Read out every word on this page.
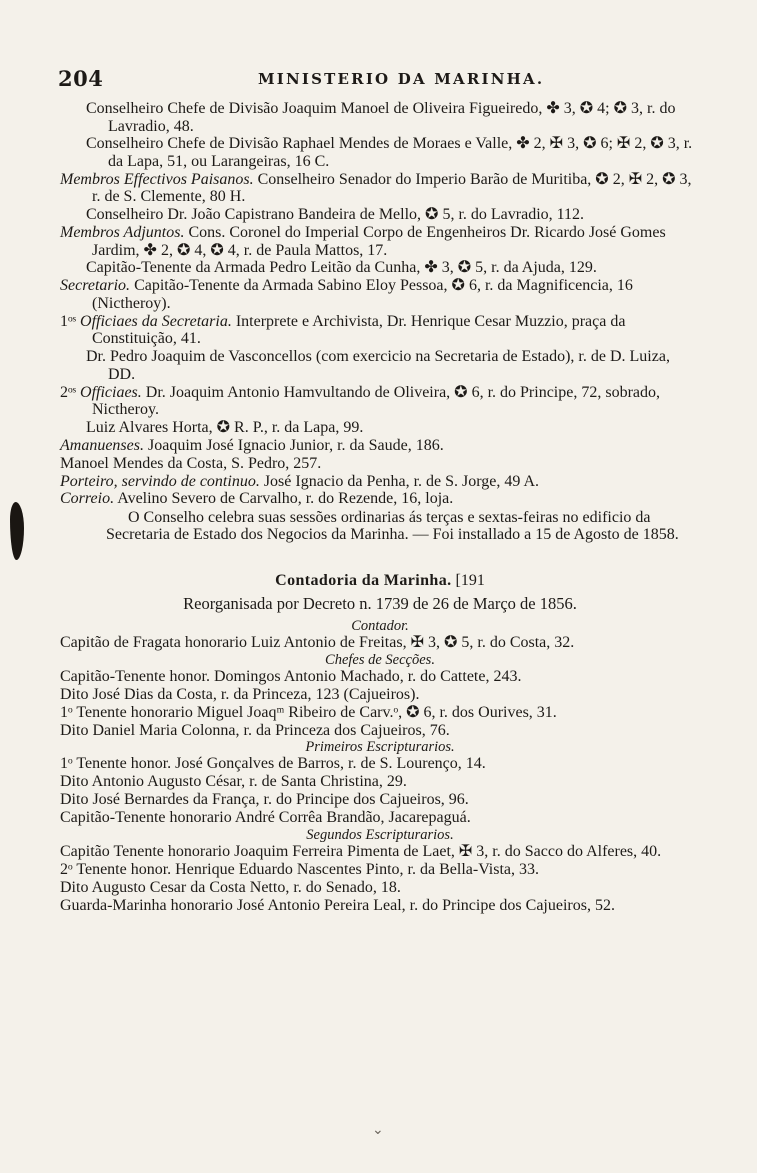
204	MINISTERIO DA MARINHA.
Conselheiro Chefe de Divisão Joaquim Manoel de Oliveira Figueiredo, ✤ 3, ✪ 4; ✪ 3, r. do Lavradio, 48.
Conselheiro Chefe de Divisão Raphael Mendes de Moraes e Valle, ✤ 2, ✠ 3, ✪ 6; ✠ 2, ✪ 3, r. da Lapa, 51, ou Larangeiras, 16 C.
Membros Effectivos Paisanos. Conselheiro Senador do Imperio Barão de Muritiba, ✪ 2, ✠ 2, ✪ 3, r. de S. Clemente, 80 H.
Conselheiro Dr. João Capistrano Bandeira de Mello, ✪ 5, r. do Lavradio, 112.
Membros Adjuntos. Cons. Coronel do Imperial Corpo de Engenheiros Dr. Ricardo José Gomes Jardim, ✤ 2, ✪ 4, ✪ 4, r. de Paula Mattos, 17.
Capitão-Tenente da Armada Pedro Leitão da Cunha, ✤ 3, ✪ 5, r. da Ajuda, 129.
Secretario. Capitão-Tenente da Armada Sabino Eloy Pessoa, ✪ 6, r. da Magnificencia, 16 (Nictheroy).
1ᵒˢ Officiaes da Secretaria. Interprete e Archivista, Dr. Henrique Cesar Muzzio, praça da Constituição, 41.
Dr. Pedro Joaquim de Vasconcellos (com exercicio na Secretaria de Estado), r. de D. Luiza, DD.
2ᵒˢ Officiaes. Dr. Joaquim Antonio Hamvultando de Oliveira, ✪ 6, r. do Principe, 72, sobrado, Nictheroy.
Luiz Alvares Horta, ✪ R. P., r. da Lapa, 99.
Amanuenses. Joaquim José Ignacio Junior, r. da Saude, 186.
Manoel Mendes da Costa, S. Pedro, 257.
Porteiro, servindo de continuo. José Ignacio da Penha, r. de S. Jorge, 49 A.
Correio. Avelino Severo de Carvalho, r. do Rezende, 16, loja.
O Conselho celebra suas sessões ordinarias ás terças e sextas-feiras no edificio da Secretaria de Estado dos Negocios da Marinha. — Foi installado a 15 de Agosto de 1858.
Contadoria da Marinha. [191
Reorganisada por Decreto n. 1739 de 26 de Março de 1856.
Contador.
Capitão de Fragata honorario Luiz Antonio de Freitas, ✠ 3, ✪ 5, r. do Costa, 32.
Chefes de Secções.
Capitão-Tenente honor. Domingos Antonio Machado, r. do Cattete, 243.
Dito José Dias da Costa, r. da Princeza, 123 (Cajueiros).
1ᵒ Tenente honorario Miguel Joaqᵐ Ribeiro de Carv.ᵒ, ✪ 6, r. dos Ourives, 31.
Dito Daniel Maria Colonna, r. da Princeza dos Cajueiros, 76.
Primeiros Escripturarios.
1ᵒ Tenente honor. José Gonçalves de Barros, r. de S. Lourenço, 14.
Dito Antonio Augusto César, r. de Santa Christina, 29.
Dito José Bernardes da França, r. do Principe dos Cajueiros, 96.
Capitão-Tenente honorario André Corrêa Brandão, Jacarepaguá.
Segundos Escripturarios.
Capitão Tenente honorario Joaquim Ferreira Pimenta de Laet, ✠ 3, r. do Sacco do Alferes, 40.
2ᵒ Tenente honor. Henrique Eduardo Nascentes Pinto, r. da Bella-Vista, 33.
Dito Augusto Cesar da Costa Netto, r. do Senado, 18.
Guarda-Marinha honorario José Antonio Pereira Leal, r. do Principe dos Cajueiros, 52.
⌄
